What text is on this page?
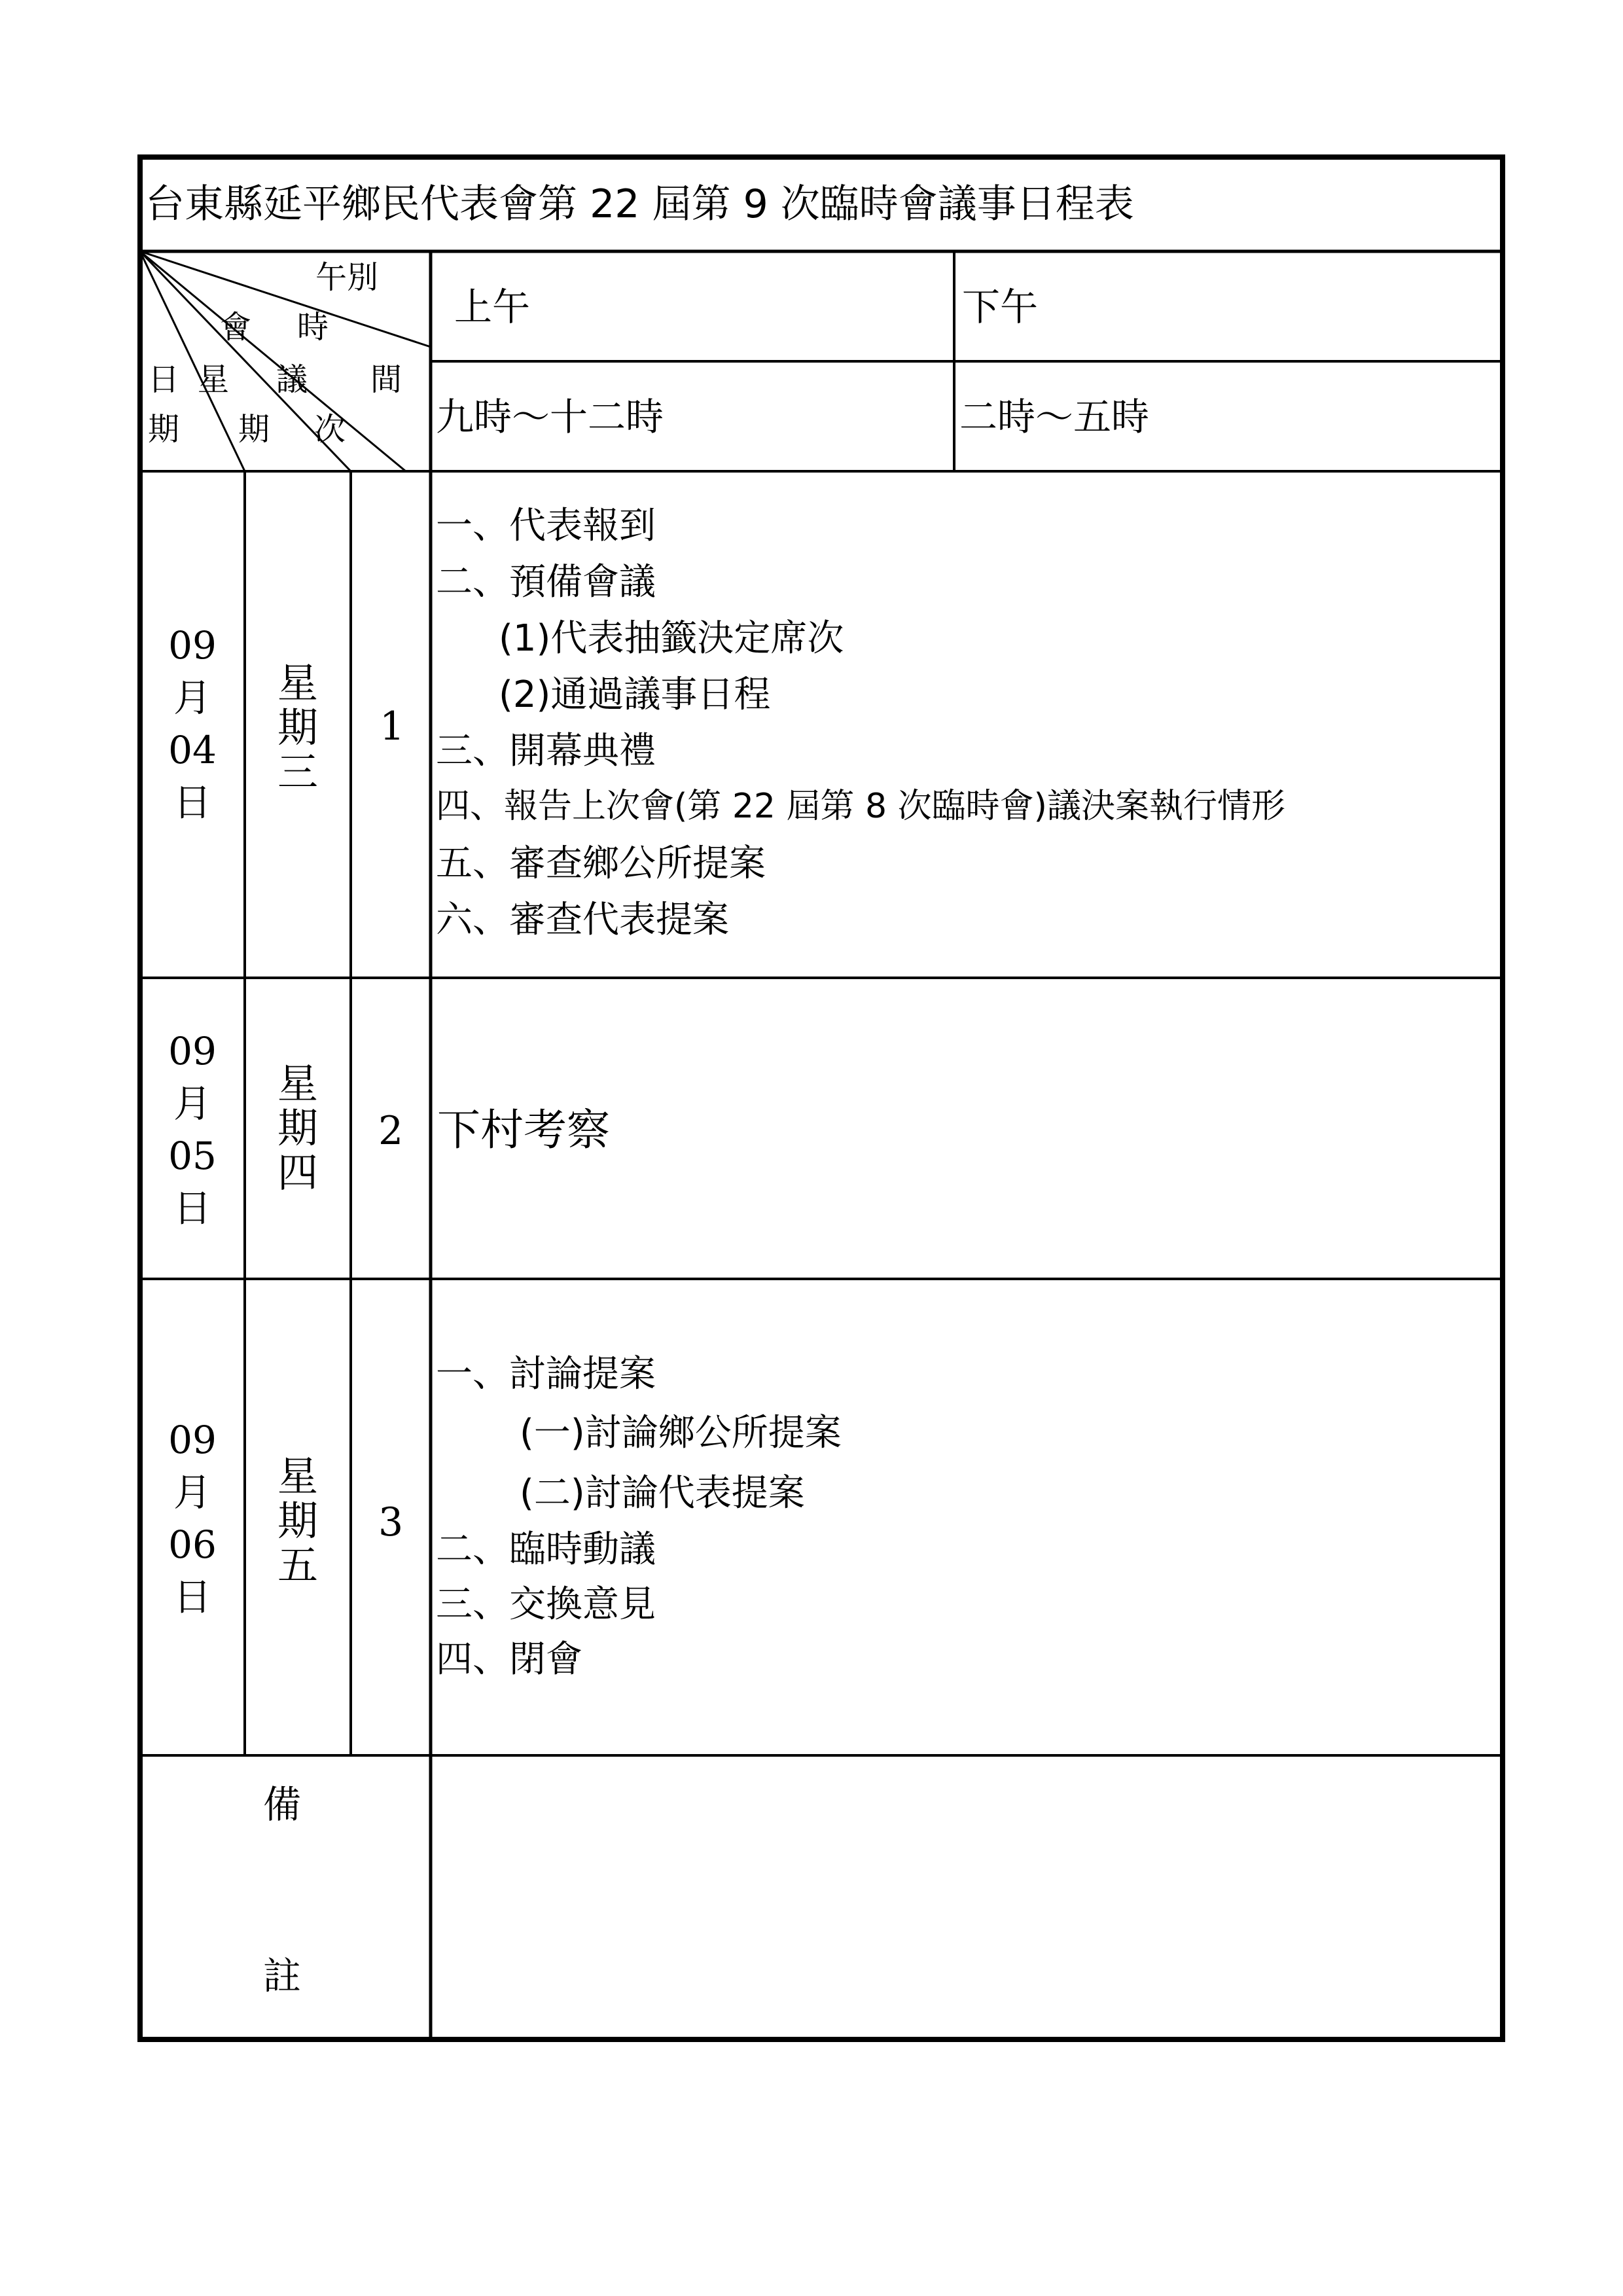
台東縣延平鄉民代表會第 22 屆第 9 次臨時會議事日程表
午別
時
間
會
議
次
星
期
日
期
上午	下午
九時～十二時	二時～五時
09
月
04
日
星
期
三
1
一、代表報到
二、預備會議
(1)代表抽籤決定席次
(2)通過議事日程
三、開幕典禮
四、報告上次會(第 22 屆第 8 次臨時會)議決案執行情形
五、審查鄉公所提案
六、審查代表提案
09
月
05
日
星
期
四
2 下村考察
09
月
06
日
星
期
五
3
一、討論提案
(一)討論鄉公所提案
(二)討論代表提案
二、臨時動議
三、交換意見
四、閉會
備
註
